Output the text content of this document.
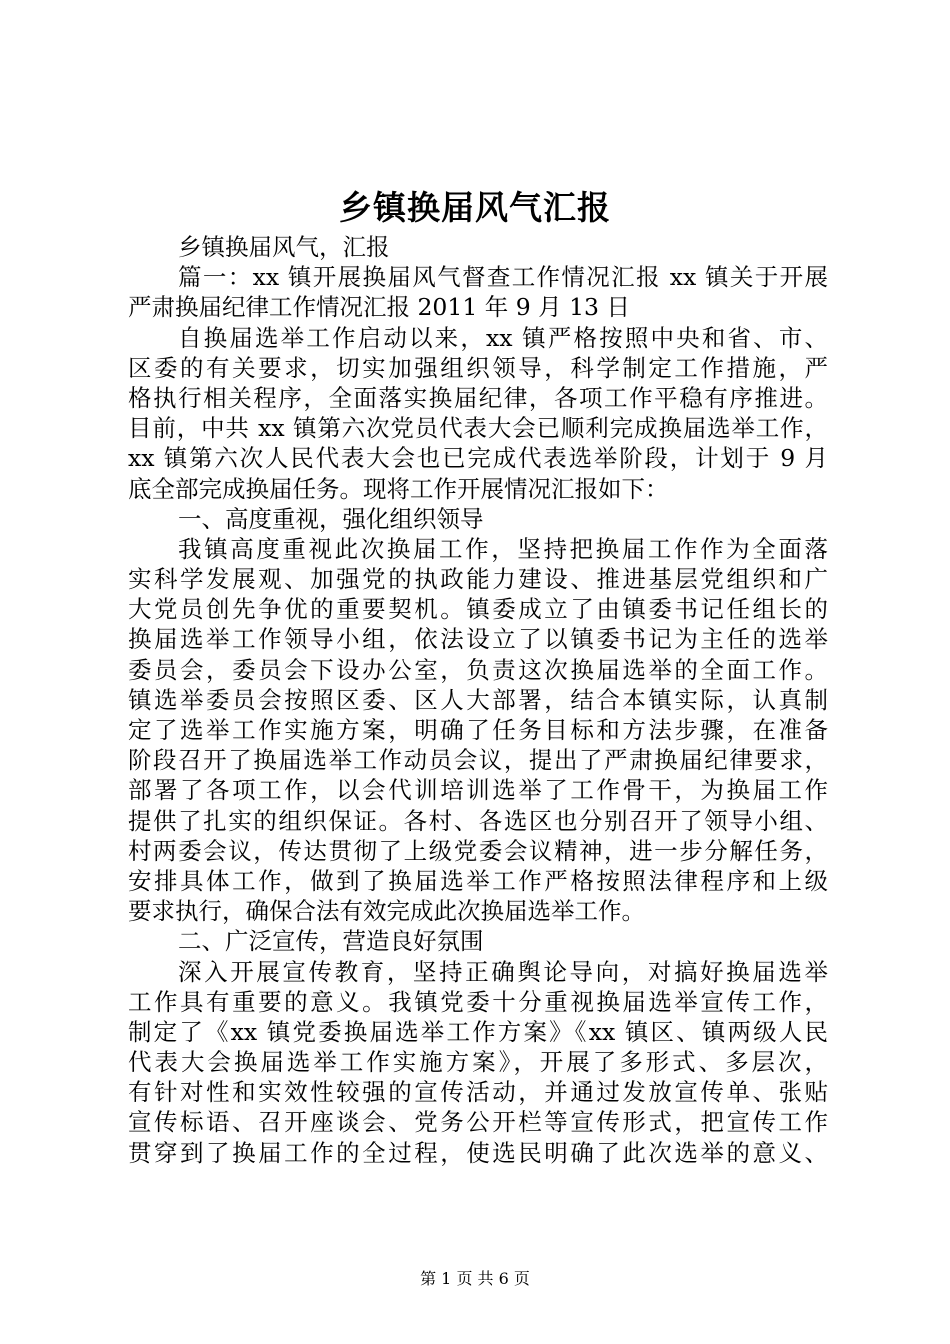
乡镇换届风气汇报
乡镇换届风气，汇报
篇一：xx 镇开展换届风气督查工作情况汇报 xx 镇关于开展
严肃换届纪律工作情况汇报 2011 年 9 月 13 日
自换届选举工作启动以来，xx 镇严格按照中央和省、市、
区委的有关要求，切实加强组织领导，科学制定工作措施，严
格执行相关程序，全面落实换届纪律，各项工作平稳有序推进。
目前，中共 xx 镇第六次党员代表大会已顺利完成换届选举工作，
xx 镇第六次人民代表大会也已完成代表选举阶段，计划于 9 月
底全部完成换届任务。现将工作开展情况汇报如下：
一、高度重视，强化组织领导
我镇高度重视此次换届工作，坚持把换届工作作为全面落
实科学发展观、加强党的执政能力建设、推进基层党组织和广
大党员创先争优的重要契机。镇委成立了由镇委书记任组长的
换届选举工作领导小组，依法设立了以镇委书记为主任的选举
委员会，委员会下设办公室，负责这次换届选举的全面工作。
镇选举委员会按照区委、区人大部署，结合本镇实际，认真制
定了选举工作实施方案，明确了任务目标和方法步骤，在准备
阶段召开了换届选举工作动员会议，提出了严肃换届纪律要求，
部署了各项工作，以会代训培训选举了工作骨干，为换届工作
提供了扎实的组织保证。各村、各选区也分别召开了领导小组、
村两委会议，传达贯彻了上级党委会议精神，进一步分解任务，
安排具体工作，做到了换届选举工作严格按照法律程序和上级
要求执行，确保合法有效完成此次换届选举工作。
二、广泛宣传，营造良好氛围
深入开展宣传教育，坚持正确舆论导向，对搞好换届选举
工作具有重要的意义。我镇党委十分重视换届选举宣传工作，
制定了《xx 镇党委换届选举工作方案》《xx 镇区、镇两级人民
代表大会换届选举工作实施方案》，开展了多形式、多层次，
有针对性和实效性较强的宣传活动，并通过发放宣传单、张贴
宣传标语、召开座谈会、党务公开栏等宣传形式，把宣传工作
贯穿到了换届工作的全过程，使选民明确了此次选举的意义、
第 1 页 共 6 页
